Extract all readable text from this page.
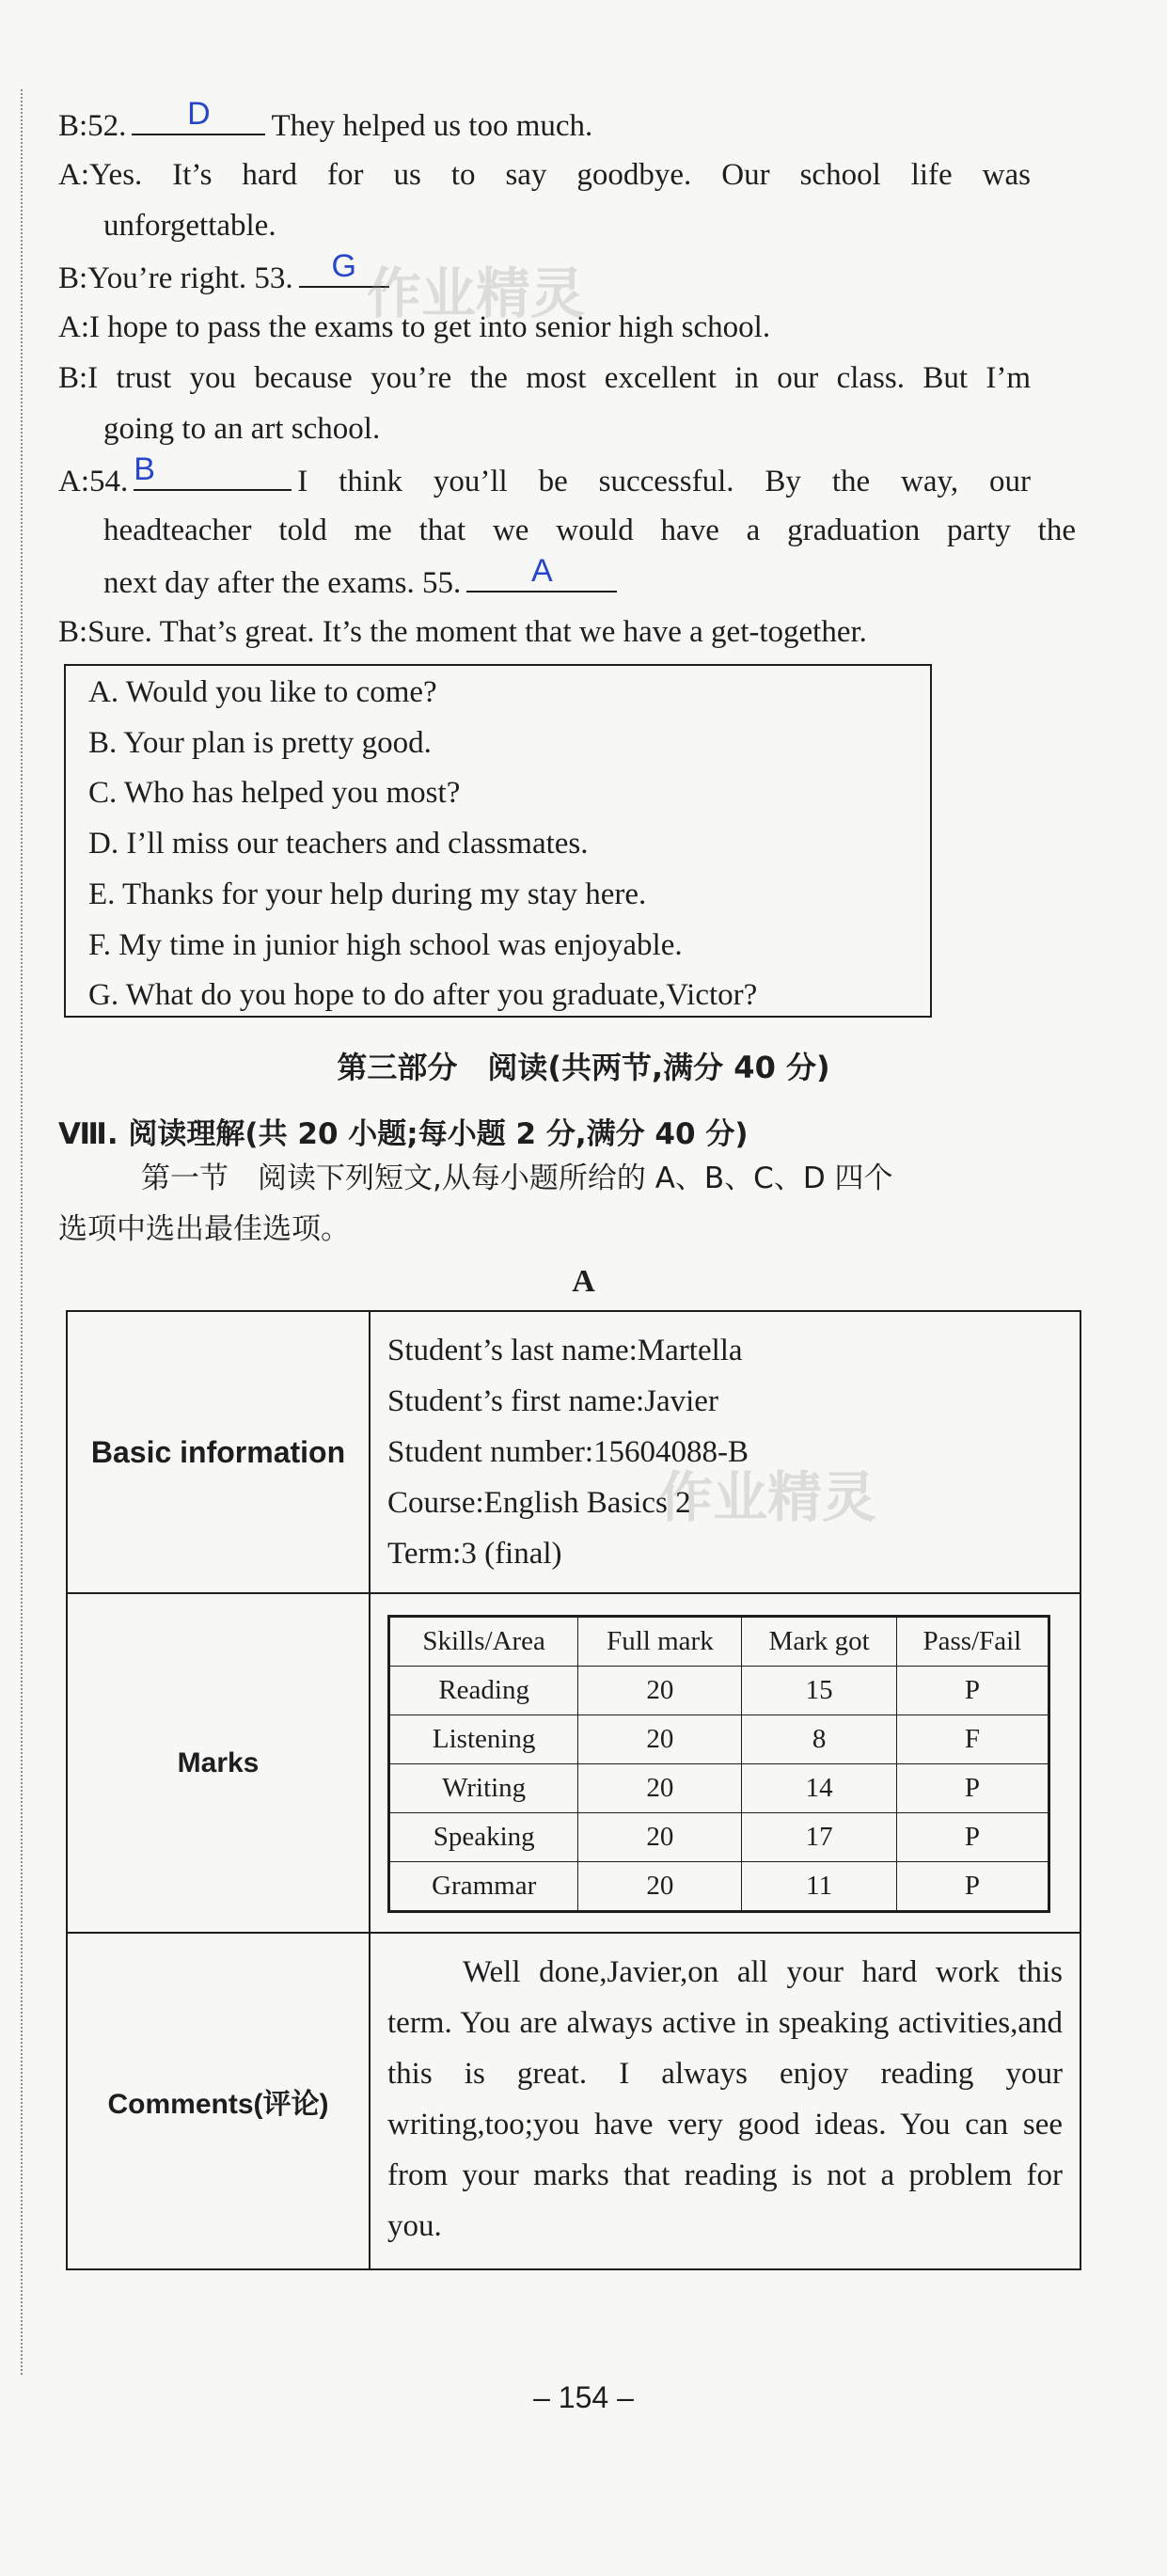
B:52.	D	They helped us too much.
A:Yes. It’s hard for us to say goodbye. Our school life was
unforgettable.
B:You’re right. 53.	G
A:I hope to pass the exams to get into senior high school.
B:I trust you because you’re the most excellent in our class. But I’m
going to an art school.
A:54. B	I think you’ll be successful. By the way, our
headteacher told me that we would have a graduation party the
next day after the exams. 55.	A
B:Sure. That’s great. It’s the moment that we have a get-together.
A. Would you like to come?
B. Your plan is pretty good.
C. Who has helped you most?
D. I’ll miss our teachers and classmates.
E. Thanks for your help during my stay here.
F. My time in junior high school was enjoyable.
G. What do you hope to do after you graduate,Victor?
第三部分　阅读(共两节,满分 40 分)
Ⅷ. 阅读理解(共 20 小题;每小题 2 分,满分 40 分)
第一节　阅读下列短文,从每小题所给的 A、B、C、D 四个
选项中选出最佳选项。
A
Basic information	
Student’s last name:Martella
Student’s first name:Javier
Student number:15604088-B
Course:English Basics 2
Term:3 (final)

Marks	
Skills/Area	Full mark	Mark got	Pass/Fail
Reading	20	15	P
Listening	20	8	F
Writing	20	14	P
Speaking	20	17	P
Grammar	20	11	P

Comments(评论)	

Well done,Javier,on all your hard work this term. You are always active in speaking activities,and this is great. I always enjoy reading your writing,too;you have very good ideas. You can see from your marks that reading is not a problem for you.

– 154 –
作业精灵
作业精灵
